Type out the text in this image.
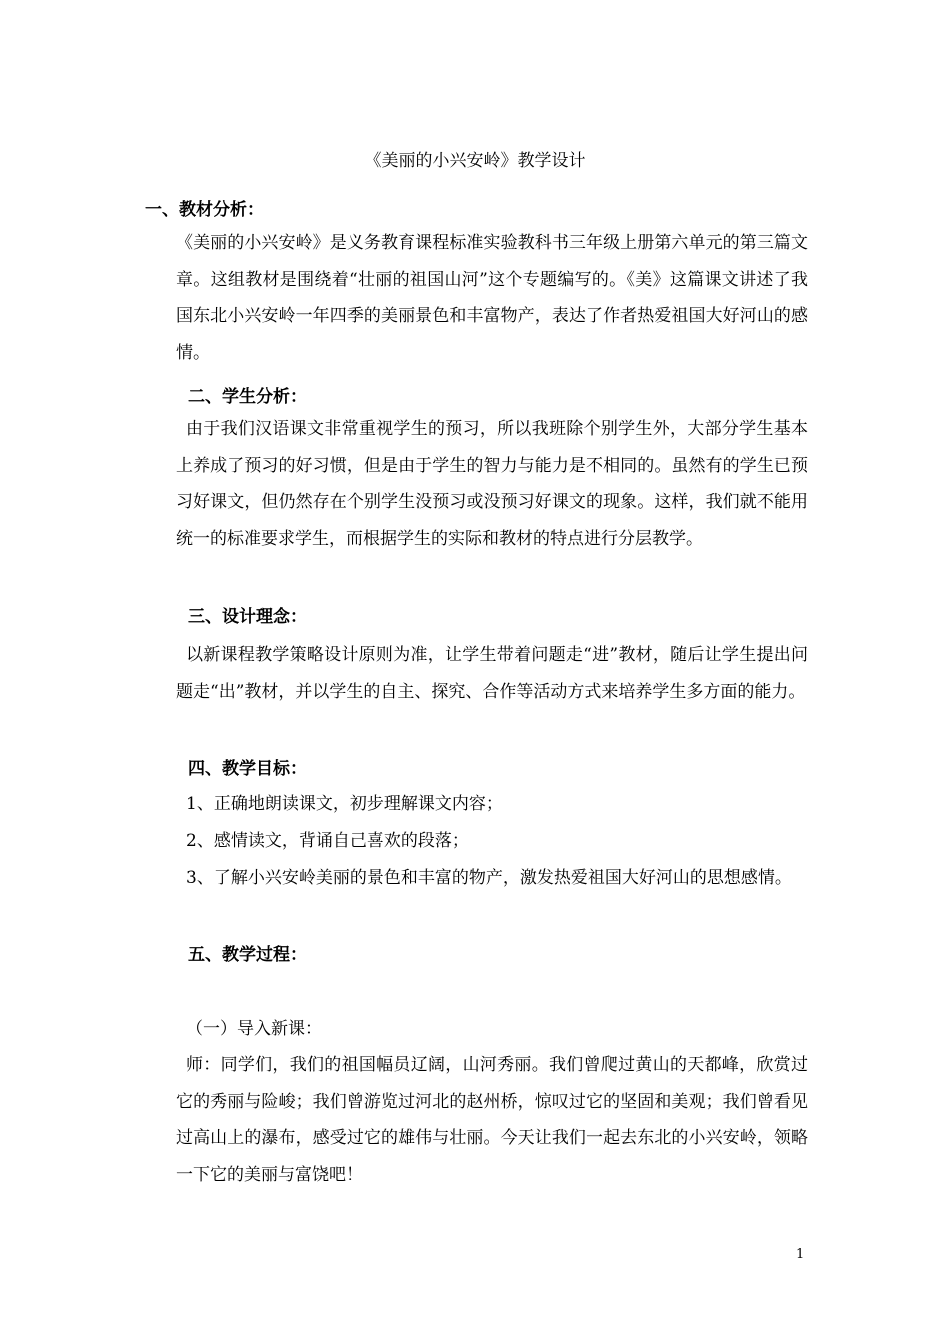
《美丽的小兴安岭》教学设计
一、教材分析：

《美丽的小兴安岭》是义务教育课程标准实验教科书三年级上册第六单元的第三篇文章。这组教材是围绕着“壮丽的祖国山河”这个专题编写的。《美》这篇课文讲述了我国东北小兴安岭一年四季的美丽景色和丰富物产，表达了作者热爱祖国大好河山的感情。

二、学生分析：

由于我们汉语课文非常重视学生的预习，所以我班除个别学生外，大部分学生基本上养成了预习的好习惯，但是由于学生的智力与能力是不相同的。虽然有的学生已预习好课文，但仍然存在个别学生没预习或没预习好课文的现象。这样，我们就不能用统一的标准要求学生，而根据学生的实际和教材的特点进行分层教学。

三、设计理念：

以新课程教学策略设计原则为准，让学生带着问题走“进”教材，随后让学生提出问题走“出”教材，并以学生的自主、探究、合作等活动方式来培养学生多方面的能力。

四、教学目标：

1、正确地朗读课文，初步理解课文内容；

2、感情读文，背诵自己喜欢的段落；

3、了解小兴安岭美丽的景色和丰富的物产，激发热爱祖国大好河山的思想感情。

五、教学过程：

（一）导入新课：

师：同学们，我们的祖国幅员辽阔，山河秀丽。我们曾爬过黄山的天都峰，欣赏过它的秀丽与险峻；我们曾游览过河北的赵州桥，惊叹过它的坚固和美观；我们曾看见过高山上的瀑布，感受过它的雄伟与壮丽。今天让我们一起去东北的小兴安岭，领略一下它的美丽与富饶吧！

1
